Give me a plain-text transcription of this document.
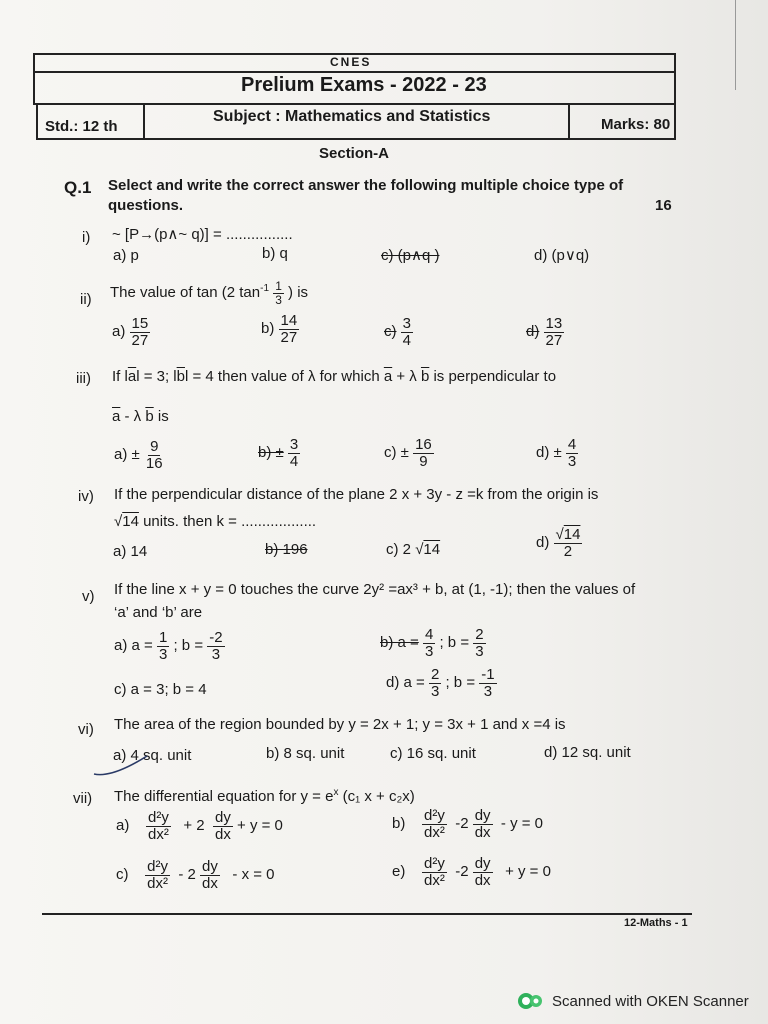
CNES
Prelium Exams - 2022 - 23
Std.: 12 th
Subject : Mathematics and Statistics	Marks: 80
Section-A
Q.1 Select and write the correct answer the following multiple choice type of
questions.	16
i) ~ [P→(p∧~ q)] = ................
a) p	b) q	c) (p∧q )	d) (p∨q)
ii) The value of tan (2 $\tan^{-1} \frac{1}{3}$ ) is
$a) \frac{15}{27}$	$b) \frac{14}{27}$	$c) \frac{3}{4}$	$d) \frac{13}{27}$
iii) If $l\overline{a}l = 3$; $l\overline{b}l = 4$ then value of λ for which $\overline{a} + \lambda$ $\overline{b}$ is perpendicular to
$\overline{a}$ - λ $\overline{b}$ is
$a) \pm \frac{9}{16}$	$b) \pm \frac{3}{4}$	$c) \pm \frac{16}{9}$	$d) \pm \frac{4}{3}$
iv) If the perpendicular distance of the plane 2 x + 3y - z =k from the origin is
√14 units. then k = ..................
a) 14	b) 196	c) 2 √14	$d) \frac{√14}{2}$
v) If the line x + y = 0 touches the curve 2y² =ax³ + b, at (1, -1); then the values of
‘a’ and ‘b’ are
a) $a = \frac{1}{3}$ ; $b = \frac{-2}{3}$	b) $a = \frac{4}{3}$ ; $b = \frac{2}{3}$
c) a = 3; b = 4	d) $a = \frac{2}{3}$ ; $b = \frac{-1}{3}$
vi) The area of the region bounded by y = 2x + 1; y = 3x + 1 and x =4 is
a) 4 sq. unit	b) 8 sq. unit	c) 16 sq. unit	d) 12 sq. unit
vii) The differential equation for $y = e^x$ (c₁ x + c₂x)
$a) \frac{\text{d²y}}{\text{dx²}} + 2 \frac{dy}{dx} + y = 0$	$b) \frac{\text{d²y}}{\text{dx²}} -2 \frac{dy}{dx} - y = 0$
$c) \frac{\text{d²y}}{\text{dx²}} - 2 \frac{dy}{dx} - x = 0$	$e) \frac{\text{d²y}}{\text{dx²}} -2 \frac{dy}{dx} + y = 0$
12-Maths - 1
Scanned with OKEN Scanner
